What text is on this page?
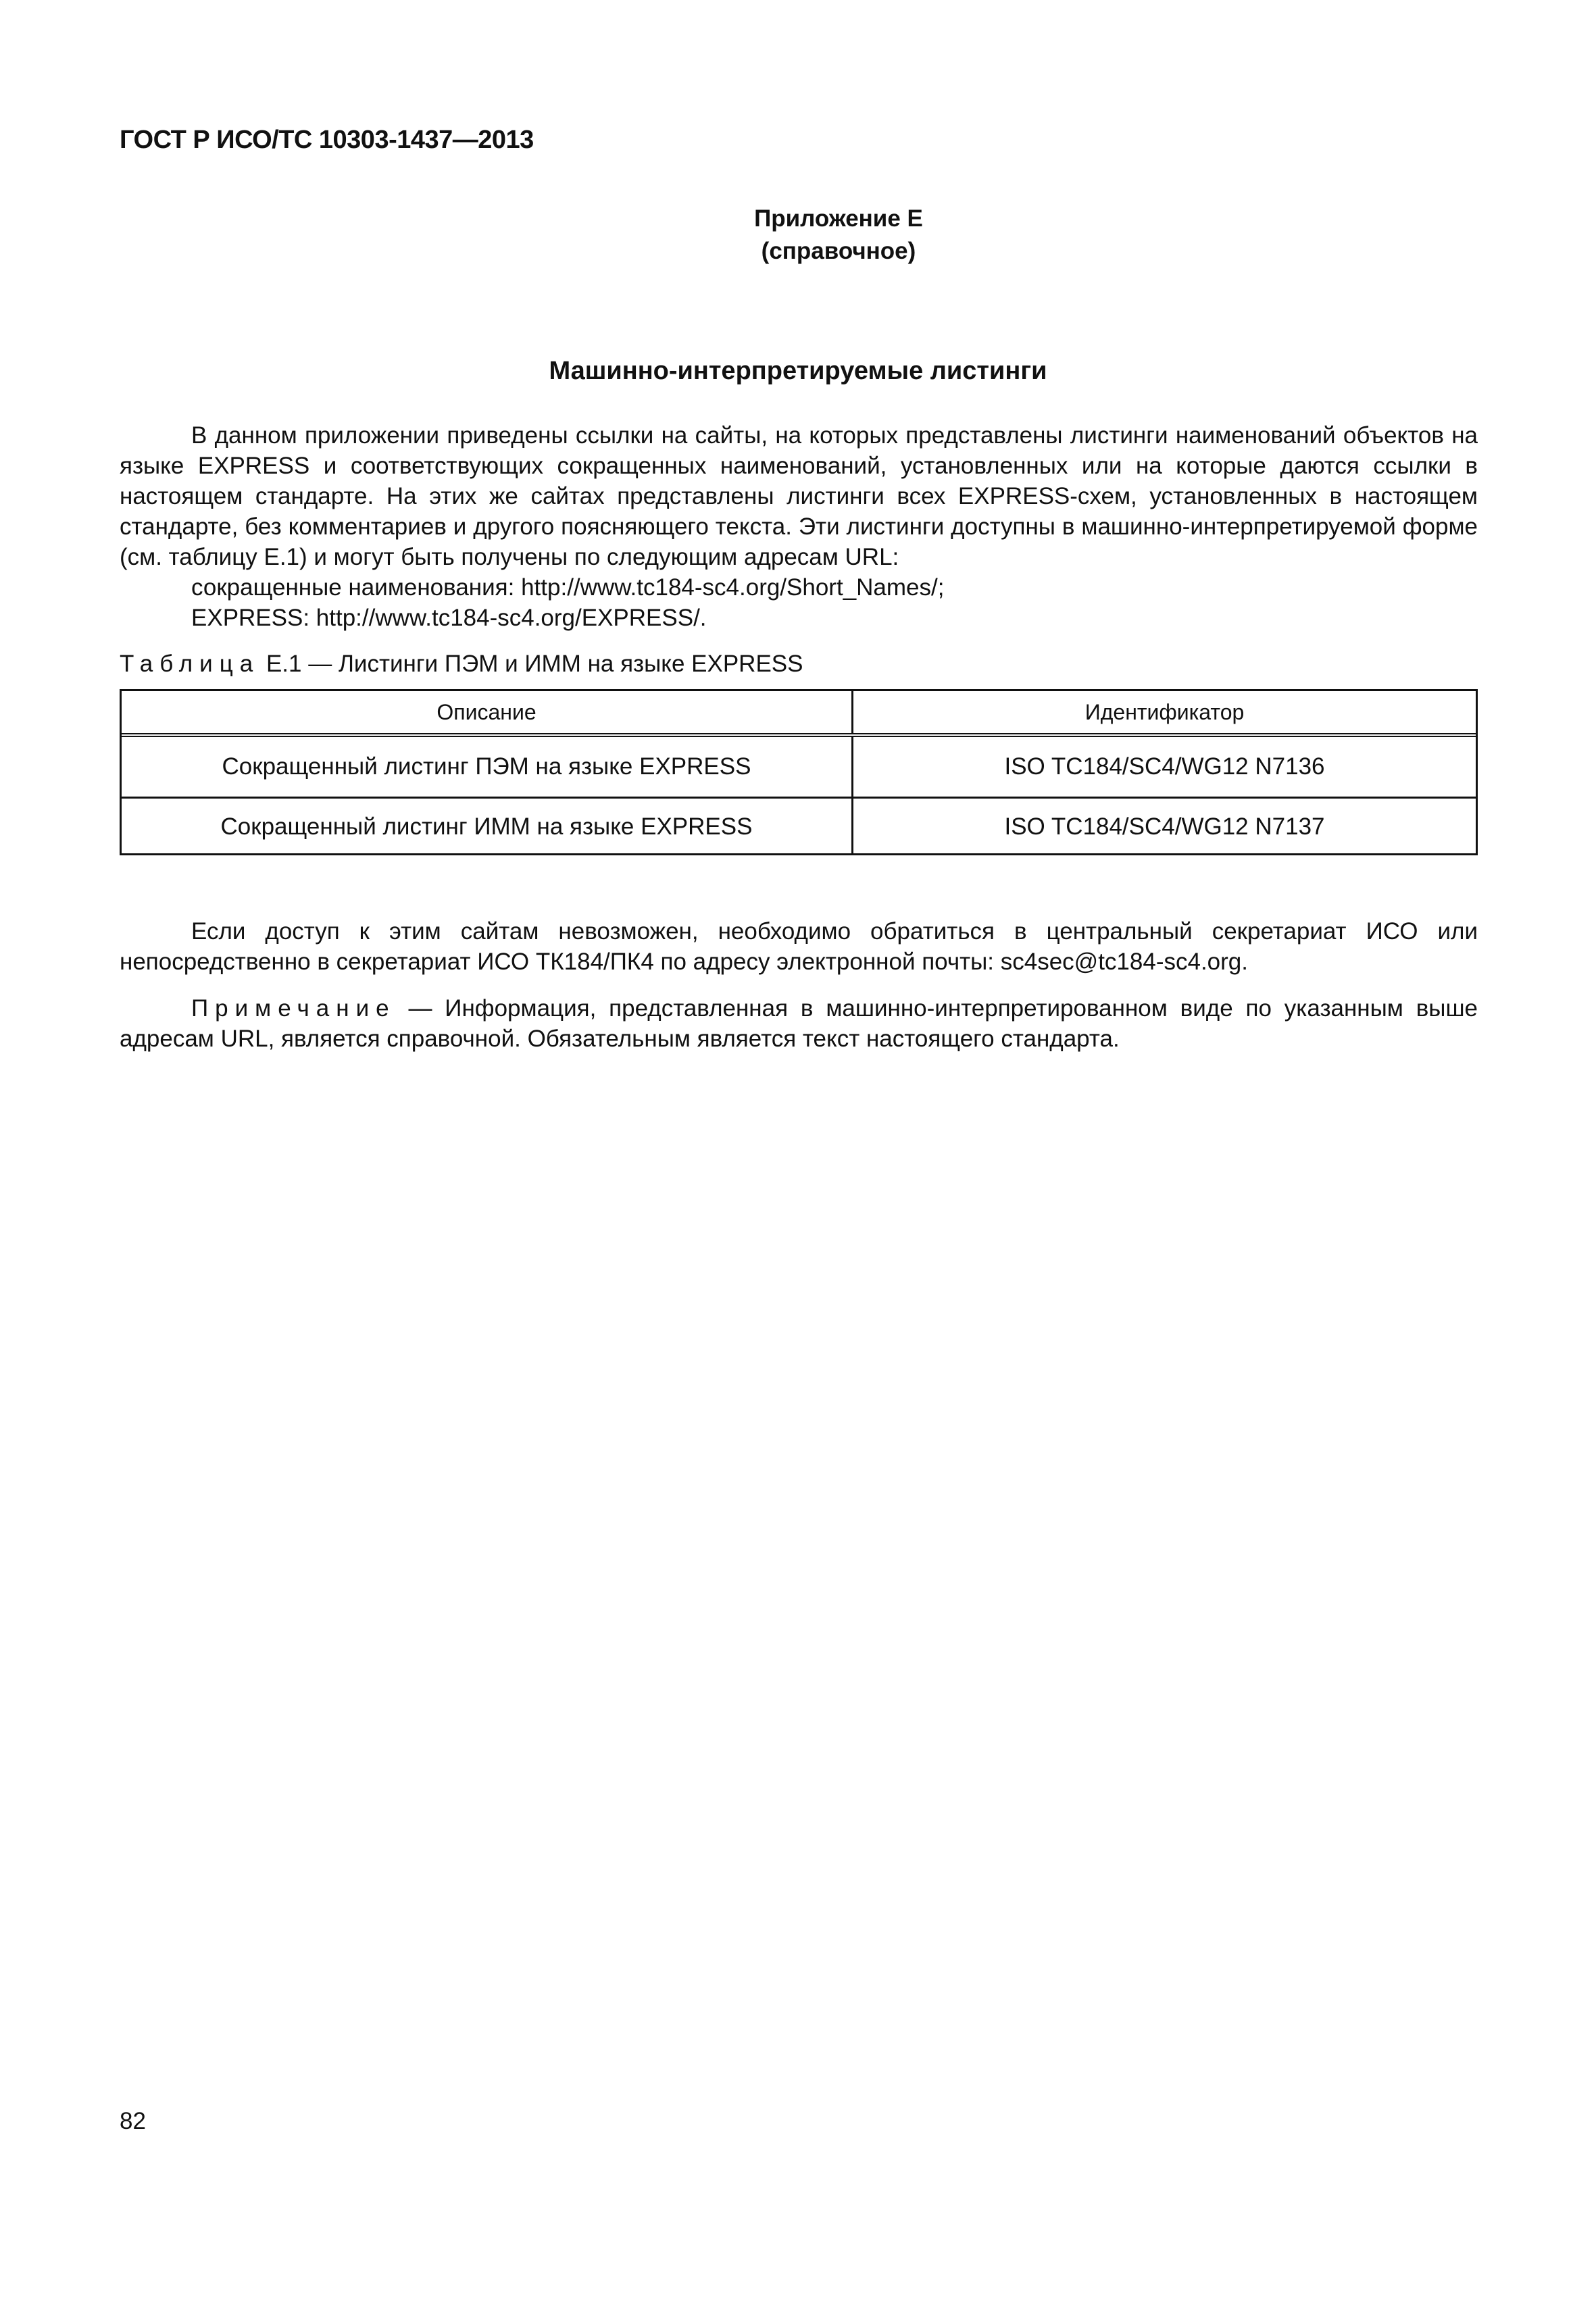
ГОСТ Р ИСО/ТС 10303-1437—2013
Приложение Е
(справочное)
Машинно-интерпретируемые листинги

В данном приложении приведены ссылки на сайты, на которых представлены листинги наименований объектов на языке EXPRESS и соответствующих сокращенных наименований, установленных или на которые даются ссылки в настоящем стандарте. На этих же сайтах представлены листинги всех EXPRESS-схем, установленных в настоящем стандарте, без комментариев и другого поясняющего текста. Эти листинги доступны в машинно-интерпретируемой форме (см. таблицу Е.1) и могут быть получены по следующим адресам URL:

сокращенные наименования: http://www.tc184-sc4.org/Short_Names/;

EXPRESS: http://www.tc184-sc4.org/EXPRESS/.

Таблица Е.1 — Листинги ПЭМ и ИММ на языке EXPRESS
Описание	Идентификатор
Сокращенный листинг ПЭМ на языке EXPRESS	ISO TC184/SC4/WG12 N7136
Сокращенный листинг ИММ на языке EXPRESS	ISO TC184/SC4/WG12 N7137

Если доступ к этим сайтам невозможен, необходимо обратиться в центральный секретариат ИСО или непосредственно в секретариат ИСО ТК184/ПК4 по адресу электронной почты: sc4sec@tc184-sc4.org.

Примечание — Информация, представленная в машинно-интерпретированном виде по указанным выше адресам URL, является справочной. Обязательным является текст настоящего стандарта.

82
